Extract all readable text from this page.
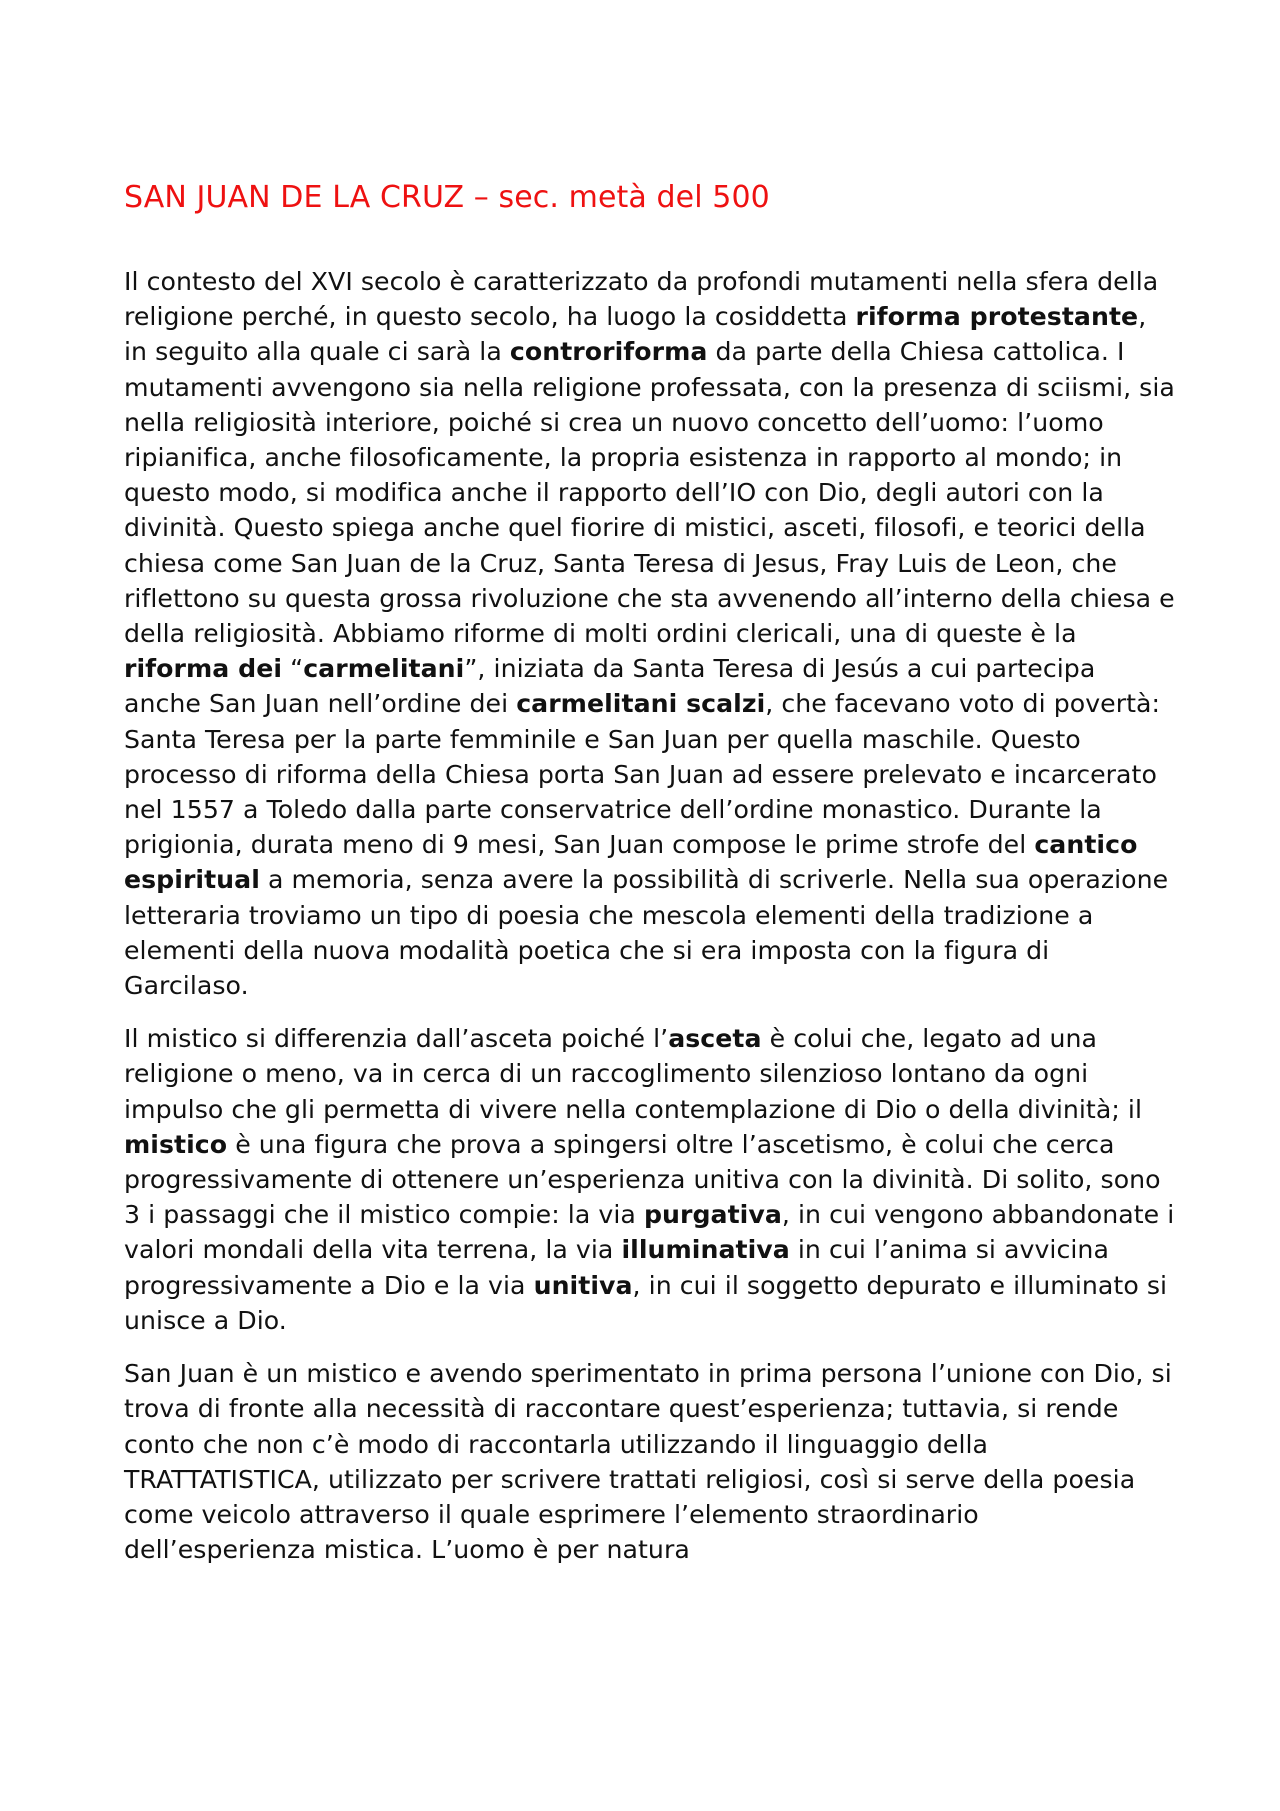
SAN JUAN DE LA CRUZ – sec. metà del 500

Il contesto del XVI secolo è caratterizzato da profondi mutamenti nella sfera della religione perché, in questo secolo, ha luogo la cosiddetta riforma protestante, in seguito alla quale ci sarà la controriforma da parte della Chiesa cattolica. I mutamenti avvengono sia nella religione professata, con la presenza di sciismi, sia nella religiosità interiore, poiché si crea un nuovo concetto dell’uomo: l’uomo ripianifica, anche filosoficamente, la propria esistenza in rapporto al mondo; in questo modo, si modifica anche il rapporto dell’IO con Dio, degli autori con la divinità. Questo spiega anche quel fiorire di mistici, asceti, filosofi, e teorici della chiesa come San Juan de la Cruz, Santa Teresa di Jesus, Fray Luis de Leon, che riflettono su questa grossa rivoluzione che sta avvenendo all’interno della chiesa e della religiosità. Abbiamo riforme di molti ordini clericali, una di queste è la riforma dei “carmelitani”, iniziata da Santa Teresa di Jesús a cui partecipa anche San Juan nell’ordine dei carmelitani scalzi, che facevano voto di povertà: Santa Teresa per la parte femminile e San Juan per quella maschile. Questo processo di riforma della Chiesa porta San Juan ad essere prelevato e incarcerato nel 1557 a Toledo dalla parte conservatrice dell’ordine monastico. Durante la prigionia, durata meno di 9 mesi, San Juan compose le prime strofe del cantico espiritual a memoria, senza avere la possibilità di scriverle. Nella sua operazione letteraria troviamo un tipo di poesia che mescola elementi della tradizione a elementi della nuova modalità poetica che si era imposta con la figura di Garcilaso.

Il mistico si differenzia dall’asceta poiché l’asceta è colui che, legato ad una religione o meno, va in cerca di un raccoglimento silenzioso lontano da ogni impulso che gli permetta di vivere nella contemplazione di Dio o della divinità; il mistico è una figura che prova a spingersi oltre l’ascetismo, è colui che cerca progressivamente di ottenere un’esperienza unitiva con la divinità. Di solito, sono 3 i passaggi che il mistico compie: la via purgativa, in cui vengono abbandonate i valori mondali della vita terrena, la via illuminativa in cui l’anima si avvicina progressivamente a Dio e la via unitiva, in cui il soggetto depurato e illuminato si unisce a Dio.

San Juan è un mistico e avendo sperimentato in prima persona l’unione con Dio, si trova di fronte alla necessità di raccontare quest’esperienza; tuttavia, si rende conto che non c’è modo di raccontarla utilizzando il linguaggio della TRATTATISTICA, utilizzato per scrivere trattati religiosi, così si serve della poesia come veicolo attraverso il quale esprimere l’elemento straordinario dell’esperienza mistica. L’uomo è per natura
